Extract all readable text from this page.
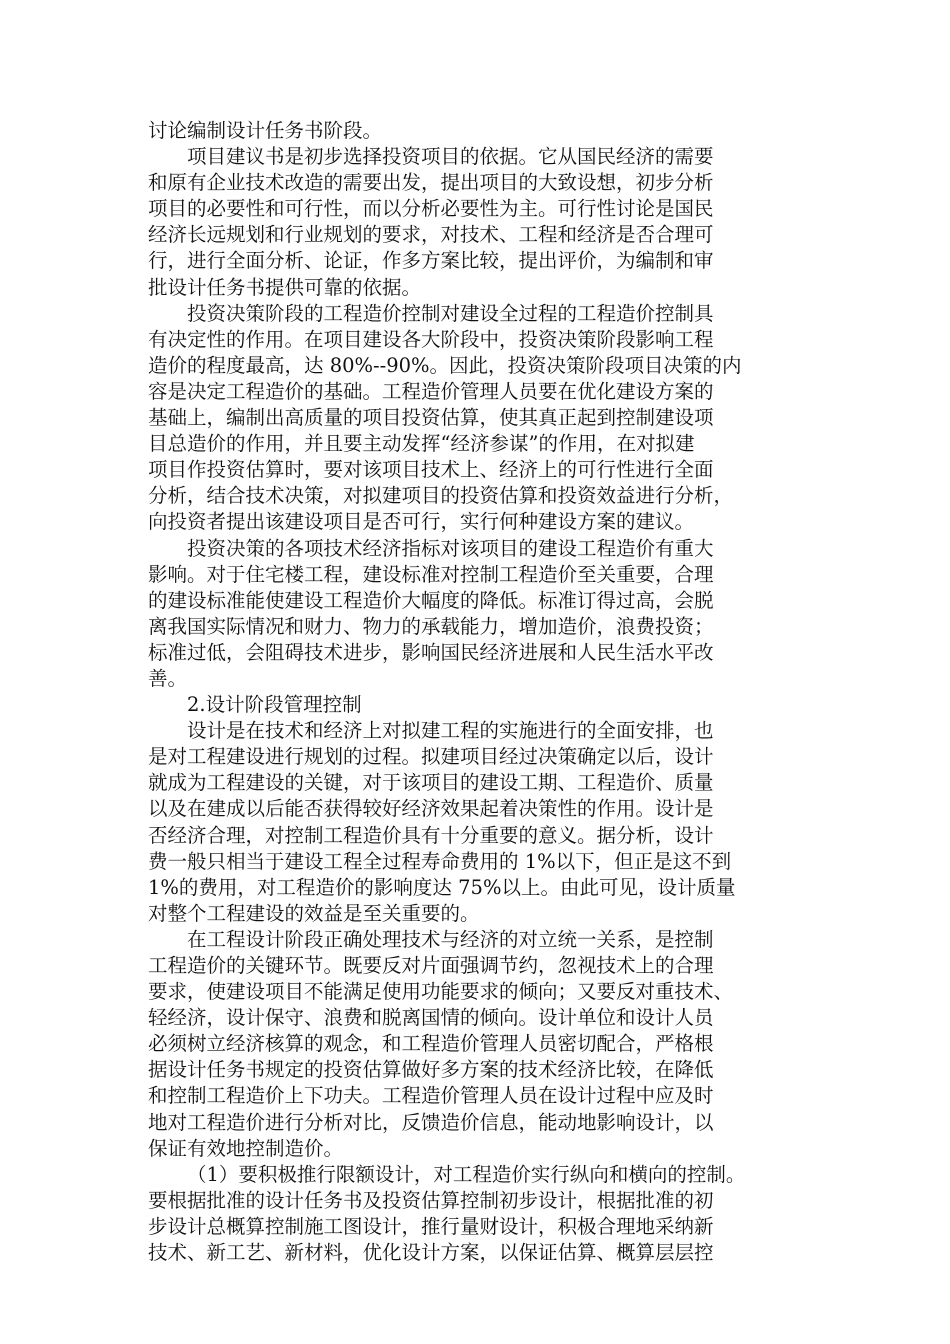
讨论编制设计任务书阶段。
项目建议书是初步选择投资项目的依据。它从国民经济的需要
和原有企业技术改造的需要出发，提出项目的大致设想，初步分析
项目的必要性和可行性，而以分析必要性为主。可行性讨论是国民
经济长远规划和行业规划的要求，对技术、工程和经济是否合理可
行，进行全面分析、论证，作多方案比较，提出评价，为编制和审
批设计任务书提供可靠的依据。
投资决策阶段的工程造价控制对建设全过程的工程造价控制具
有决定性的作用。在项目建设各大阶段中，投资决策阶段影响工程
造价的程度最高，达 80%--90%。因此，投资决策阶段项目决策的内
容是决定工程造价的基础。工程造价管理人员要在优化建设方案的
基础上，编制出高质量的项目投资估算，使其真正起到控制建设项
目总造价的作用，并且要主动发挥“经济参谋”的作用，在对拟建
项目作投资估算时，要对该项目技术上、经济上的可行性进行全面
分析，结合技术决策，对拟建项目的投资估算和投资效益进行分析，
向投资者提出该建设项目是否可行，实行何种建设方案的建议。
投资决策的各项技术经济指标对该项目的建设工程造价有重大
影响。对于住宅楼工程，建设标准对控制工程造价至关重要，合理
的建设标准能使建设工程造价大幅度的降低。标准订得过高，会脱
离我国实际情况和财力、物力的承载能力，增加造价，浪费投资；
标准过低，会阻碍技术进步，影响国民经济进展和人民生活水平改
善。
2.设计阶段管理控制
设计是在技术和经济上对拟建工程的实施进行的全面安排，也
是对工程建设进行规划的过程。拟建项目经过决策确定以后，设计
就成为工程建设的关键，对于该项目的建设工期、工程造价、质量
以及在建成以后能否获得较好经济效果起着决策性的作用。设计是
否经济合理，对控制工程造价具有十分重要的意义。据分析，设计
费一般只相当于建设工程全过程寿命费用的 1%以下，但正是这不到
1%的费用，对工程造价的影响度达 75%以上。由此可见，设计质量
对整个工程建设的效益是至关重要的。
在工程设计阶段正确处理技术与经济的对立统一关系，是控制
工程造价的关键环节。既要反对片面强调节约，忽视技术上的合理
要求，使建设项目不能满足使用功能要求的倾向；又要反对重技术、
轻经济，设计保守、浪费和脱离国情的倾向。设计单位和设计人员
必须树立经济核算的观念，和工程造价管理人员密切配合，严格根
据设计任务书规定的投资估算做好多方案的技术经济比较，在降低
和控制工程造价上下功夫。工程造价管理人员在设计过程中应及时
地对工程造价进行分析对比，反馈造价信息，能动地影响设计，以
保证有效地控制造价。
（1）要积极推行限额设计，对工程造价实行纵向和横向的控制。
要根据批准的设计任务书及投资估算控制初步设计，根据批准的初
步设计总概算控制施工图设计，推行量财设计，积极合理地采纳新
技术、新工艺、新材料，优化设计方案，以保证估算、概算层层控
